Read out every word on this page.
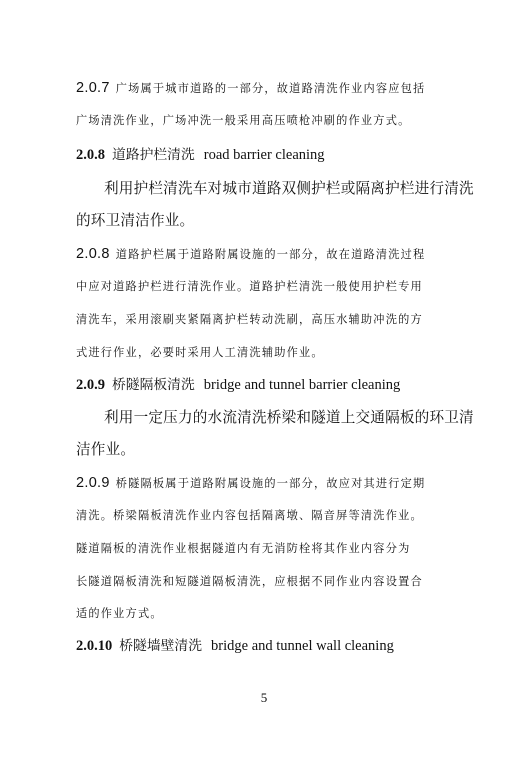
2.0.7 广场属于城市道路的一部分，故道路清洗作业内容应包括
广场清洗作业，广场冲洗一般采用高压喷枪冲刷的作业方式。
2.0.8 道路护栏清洗 road barrier cleaning
利用护栏清洗车对城市道路双侧护栏或隔离护栏进行清洗
的环卫清洁作业。
2.0.8 道路护栏属于道路附属设施的一部分，故在道路清洗过程
中应对道路护栏进行清洗作业。道路护栏清洗一般使用护栏专用
清洗车，采用滚刷夹紧隔离护栏转动洗刷，高压水辅助冲洗的方
式进行作业，必要时采用人工清洗辅助作业。
2.0.9 桥隧隔板清洗 bridge and tunnel barrier cleaning
利用一定压力的水流清洗桥梁和隧道上交通隔板的环卫清
洁作业。
2.0.9 桥隧隔板属于道路附属设施的一部分，故应对其进行定期
清洗。桥梁隔板清洗作业内容包括隔离墩、隔音屏等清洗作业。
隧道隔板的清洗作业根据隧道内有无消防栓将其作业内容分为
长隧道隔板清洗和短隧道隔板清洗，应根据不同作业内容设置合
适的作业方式。
2.0.10 桥隧墙壁清洗 bridge and tunnel wall cleaning
5
